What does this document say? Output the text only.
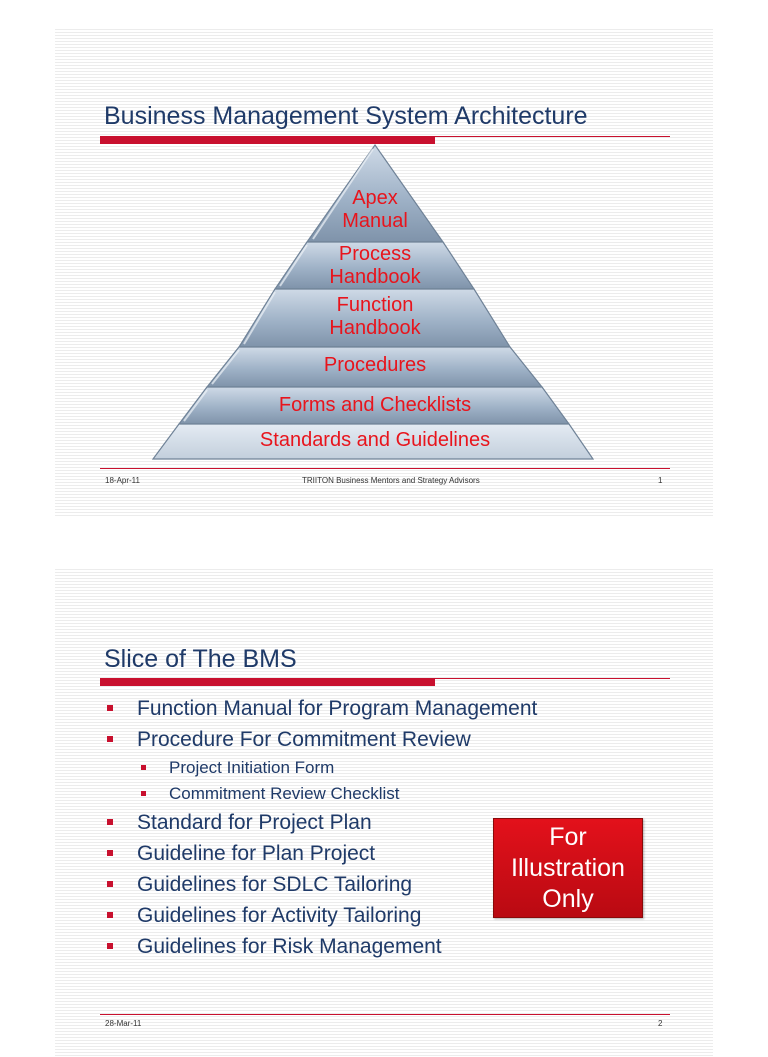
Business Management System Architecture
Apex
Manual
Process
Handbook
Function
Handbook
Procedures
Forms and Checklists
Standards and Guidelines
18-Apr-11	TRIITON Business Mentors and Strategy Advisors	1
Slice of The BMS
Function Manual for Program Management
Procedure For Commitment Review
Project Initiation Form
Commitment Review Checklist
Standard for Project Plan
Guideline for Plan Project
Guidelines for SDLC Tailoring
Guidelines for Activity Tailoring
Guidelines for Risk Management
For
Illustration
Only
28-Mar-11	2
